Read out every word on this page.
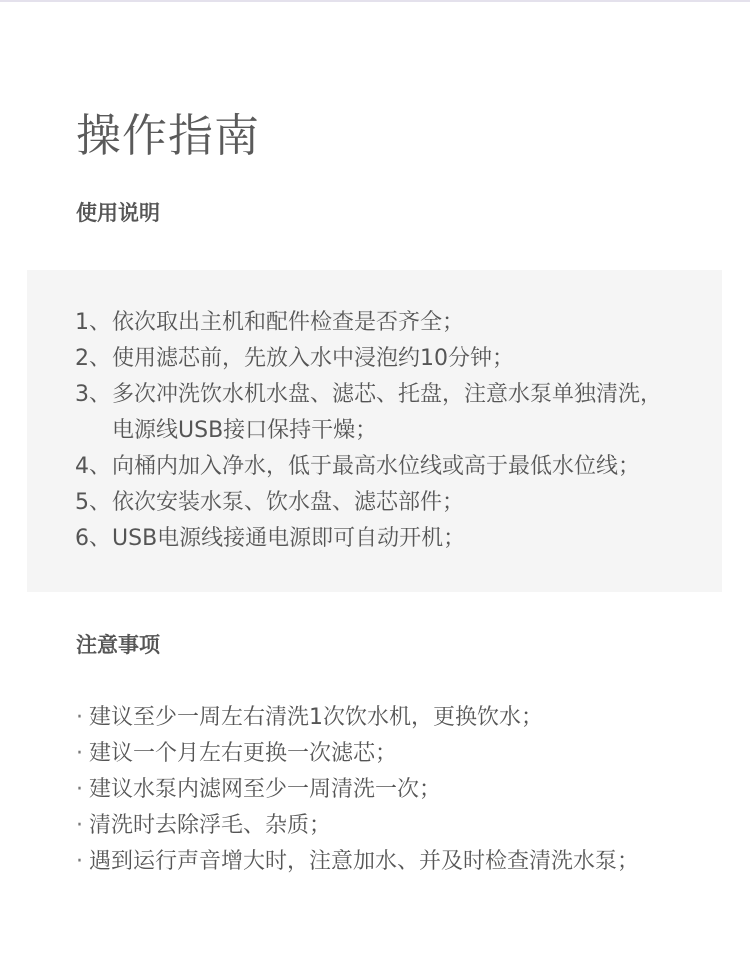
操作指南
使用说明
1、 依次取出主机和配件检查是否齐全；
2、 使用滤芯前，先放入水中浸泡约10分钟；
3、 多次冲洗饮水机水盘、滤芯、托盘，注意水泵单独清洗，
电源线USB接口保持干燥；
4、 向桶内加入净水，低于最高水位线或高于最低水位线；
5、 依次安装水泵、饮水盘、滤芯部件；
6、 USB电源线接通电源即可自动开机；
注意事项
· 建议至少一周左右清洗1次饮水机，更换饮水；
· 建议一个月左右更换一次滤芯；
· 建议水泵内滤网至少一周清洗一次；
· 清洗时去除浮毛、杂质；
· 遇到运行声音增大时，注意加水、并及时检查清洗水泵；
